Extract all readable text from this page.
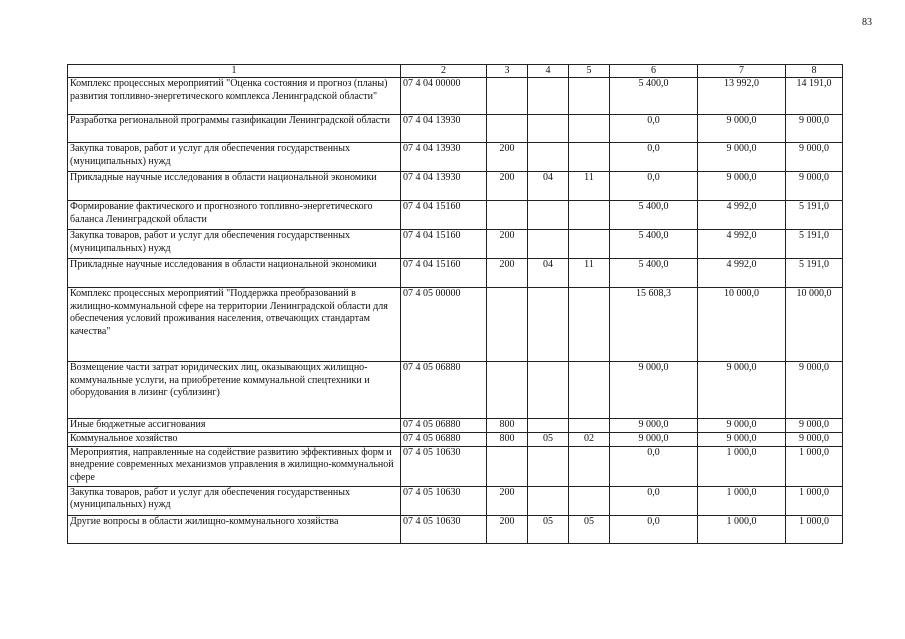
83
1	2	3	4	5	6	7	8
Комплекс процессных мероприятий "Оценка состояния и прогноз (планы) развития топливно-энергетического комплекса Ленинградской области"	07 4 04 00000				5 400,0	13 992,0	14 191,0
Разработка региональной программы газификации Ленинградской области	07 4 04 13930				0,0	9 000,0	9 000,0
Закупка товаров, работ и услуг для обеспечения государственных (муниципальных) нужд	07 4 04 13930	200			0,0	9 000,0	9 000,0
Прикладные научные исследования в области национальной экономики	07 4 04 13930	200	04	11	0,0	9 000,0	9 000,0
Формирование фактического и прогнозного топливно-энергетического баланса Ленинградской области	07 4 04 15160				5 400,0	4 992,0	5 191,0
Закупка товаров, работ и услуг для обеспечения государственных (муниципальных) нужд	07 4 04 15160	200			5 400,0	4 992,0	5 191,0
Прикладные научные исследования в области национальной экономики	07 4 04 15160	200	04	11	5 400,0	4 992,0	5 191,0
Комплекс процессных мероприятий "Поддержка преобразований в жилищно-коммунальной сфере на территории Ленинградской области для обеспечения условий проживания населения, отвечающих стандартам качества"	07 4 05 00000				15 608,3	10 000,0	10 000,0
Возмещение части затрат юридических лиц, оказывающих жилищно-коммунальные услуги, на приобретение коммунальной спецтехники и оборудования в лизинг (сублизинг)	07 4 05 06880				9 000,0	9 000,0	9 000,0
Иные бюджетные ассигнования	07 4 05 06880	800			9 000,0	9 000,0	9 000,0
Коммунальное хозяйство	07 4 05 06880	800	05	02	9 000,0	9 000,0	9 000,0
Мероприятия, направленные на содействие развитию эффективных форм и внедрение современных механизмов управления в жилищно-коммунальной сфере	07 4 05 10630				0,0	1 000,0	1 000,0
Закупка товаров, работ и услуг для обеспечения государственных (муниципальных) нужд	07 4 05 10630	200			0,0	1 000,0	1 000,0
Другие вопросы в области жилищно-коммунального хозяйства	07 4 05 10630	200	05	05	0,0	1 000,0	1 000,0
